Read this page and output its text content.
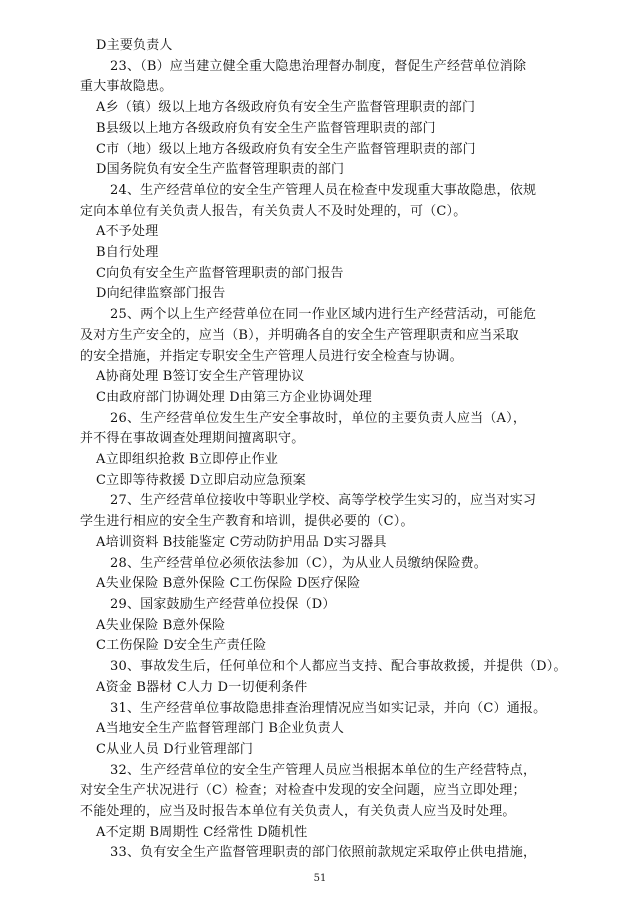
D主要负责人
23、（B）应当建立健全重大隐患治理督办制度，督促生产经营单位消除
重大事故隐患。
A乡（镇）级以上地方各级政府负有安全生产监督管理职责的部门
B县级以上地方各级政府负有安全生产监督管理职责的部门
C市（地）级以上地方各级政府负有安全生产监督管理职责的部门
D国务院负有安全生产监督管理职责的部门
24、生产经营单位的安全生产管理人员在检查中发现重大事故隐患，依规
定向本单位有关负责人报告，有关负责人不及时处理的，可（C）。
A不予处理
B自行处理
C向负有安全生产监督管理职责的部门报告
D向纪律监察部门报告
25、两个以上生产经营单位在同一作业区域内进行生产经营活动，可能危
及对方生产安全的，应当（B），并明确各自的安全生产管理职责和应当采取
的安全措施，并指定专职安全生产管理人员进行安全检查与协调。
A协商处理 B签订安全生产管理协议
C由政府部门协调处理 D由第三方企业协调处理
26、生产经营单位发生生产安全事故时，单位的主要负责人应当（A），
并不得在事故调查处理期间擅离职守。
A立即组织抢救 B立即停止作业
C立即等待救援 D立即启动应急预案
27、生产经营单位接收中等职业学校、高等学校学生实习的，应当对实习
学生进行相应的安全生产教育和培训，提供必要的（C）。
A培训资料 B技能鉴定 C劳动防护用品 D实习器具
28、生产经营单位必须依法参加（C），为从业人员缴纳保险费。
A失业保险 B意外保险 C工伤保险 D医疗保险
29、国家鼓励生产经营单位投保（D）
A失业保险 B意外保险
C工伤保险 D安全生产责任险
30、事故发生后，任何单位和个人都应当支持、配合事故救援，并提供（D）。
A资金 B器材 C人力 D一切便利条件
31、生产经营单位事故隐患排查治理情况应当如实记录，并向（C）通报。
A当地安全生产监督管理部门 B企业负责人
C从业人员 D行业管理部门
32、生产经营单位的安全生产管理人员应当根据本单位的生产经营特点，
对安全生产状况进行（C）检查；对检查中发现的安全问题，应当立即处理；
不能处理的，应当及时报告本单位有关负责人，有关负责人应当及时处理。
A不定期 B周期性 C经常性 D随机性
33、负有安全生产监督管理职责的部门依照前款规定采取停止供电措施，
51
